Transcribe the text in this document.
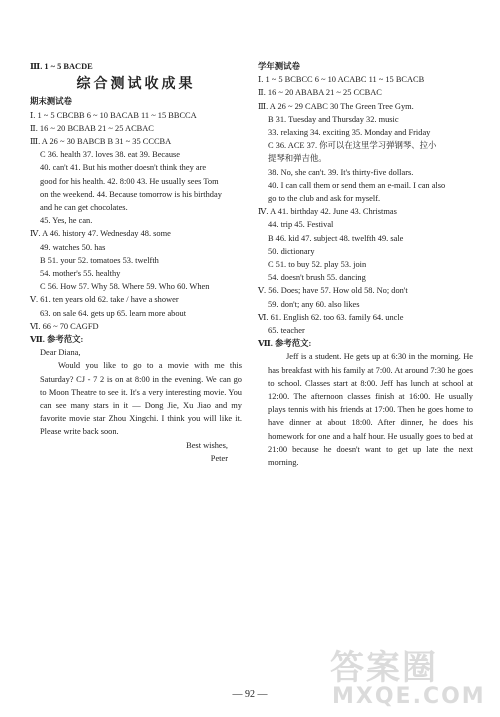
Ⅲ. 1 ~ 5 BACDE
综合测试收成果
期末测试卷
Ⅰ. 1 ~ 5 CBCBB 6 ~ 10 BACAB 11 ~ 15 BBCCA
Ⅱ. 16 ~ 20 BCBAB 21 ~ 25 ACBAC
Ⅲ. A 26 ~ 30 BABCB B 31 ~ 35 CCCBA
C 36. health 37. loves 38. eat 39. Because
40. can't 41. But his mother doesn't think they are
good for his health. 42. 8:00 43. He usually sees Tom
on the weekend. 44. Because tomorrow is his birthday
and he can get chocolates.
45. Yes, he can.
Ⅳ. A 46. history 47. Wednesday 48. some
49. watches 50. has
B 51. your 52. tomatoes 53. twelfth
54. mother's 55. healthy
C 56. How 57. Why 58. Where 59. Who 60. When
Ⅴ. 61. ten years old 62. take / have a shower
63. on sale 64. gets up 65. learn more about
Ⅵ. 66 ~ 70 CAGFD
Ⅶ. 参考范文:
Dear Diana,
Would you like to go to a movie with me this Saturday? CJ - 7 2 is on at 8:00 in the evening. We can go to Moon Theatre to see it. It's a very interesting movie. You can see many stars in it — Dong Jie, Xu Jiao and my favorite movie star Zhou Xingchi. I think you will like it. Please write back soon.
Best wishes,
Peter
学年测试卷
Ⅰ. 1 ~ 5 BCBCC 6 ~ 10 ACABC 11 ~ 15 BCACB
Ⅱ. 16 ~ 20 ABABA 21 ~ 25 CCBAC
Ⅲ. A 26 ~ 29 CABC 30 The Green Tree Gym.
B 31. Tuesday and Thursday 32. music
33. relaxing 34. exciting 35. Monday and Friday
C 36. ACE 37. 你可以在这里学习弹钢琴、拉小
提琴和弹吉他。
38. No, she can't. 39. It's thirty-five dollars.
40. I can call them or send them an e-mail. I can also
go to the club and ask for myself.
Ⅳ. A 41. birthday 42. June 43. Christmas
44. trip 45. Festival
B 46. kid 47. subject 48. twelfth 49. sale
50. dictionary
C 51. to buy 52. play 53. join
54. doesn't brush 55. dancing
Ⅴ. 56. Does; have 57. How old 58. No; don't
59. don't; any 60. also likes
Ⅵ. 61. English 62. too 63. family 64. uncle
65. teacher
Ⅶ. 参考范文:
Jeff is a student. He gets up at 6:30 in the morning. He has breakfast with his family at 7:00. At around 7:30 he goes to school. Classes start at 8:00. Jeff has lunch at school at 12:00. The afternoon classes finish at 16:00. He usually plays tennis with his friends at 17:00. Then he goes home to have dinner at about 18:00. After dinner, he does his homework for one and a half hour. He usually goes to bed at 21:00 because he doesn't want to get up late the next morning.
— 92 —
答案圈
MXQE.COM
